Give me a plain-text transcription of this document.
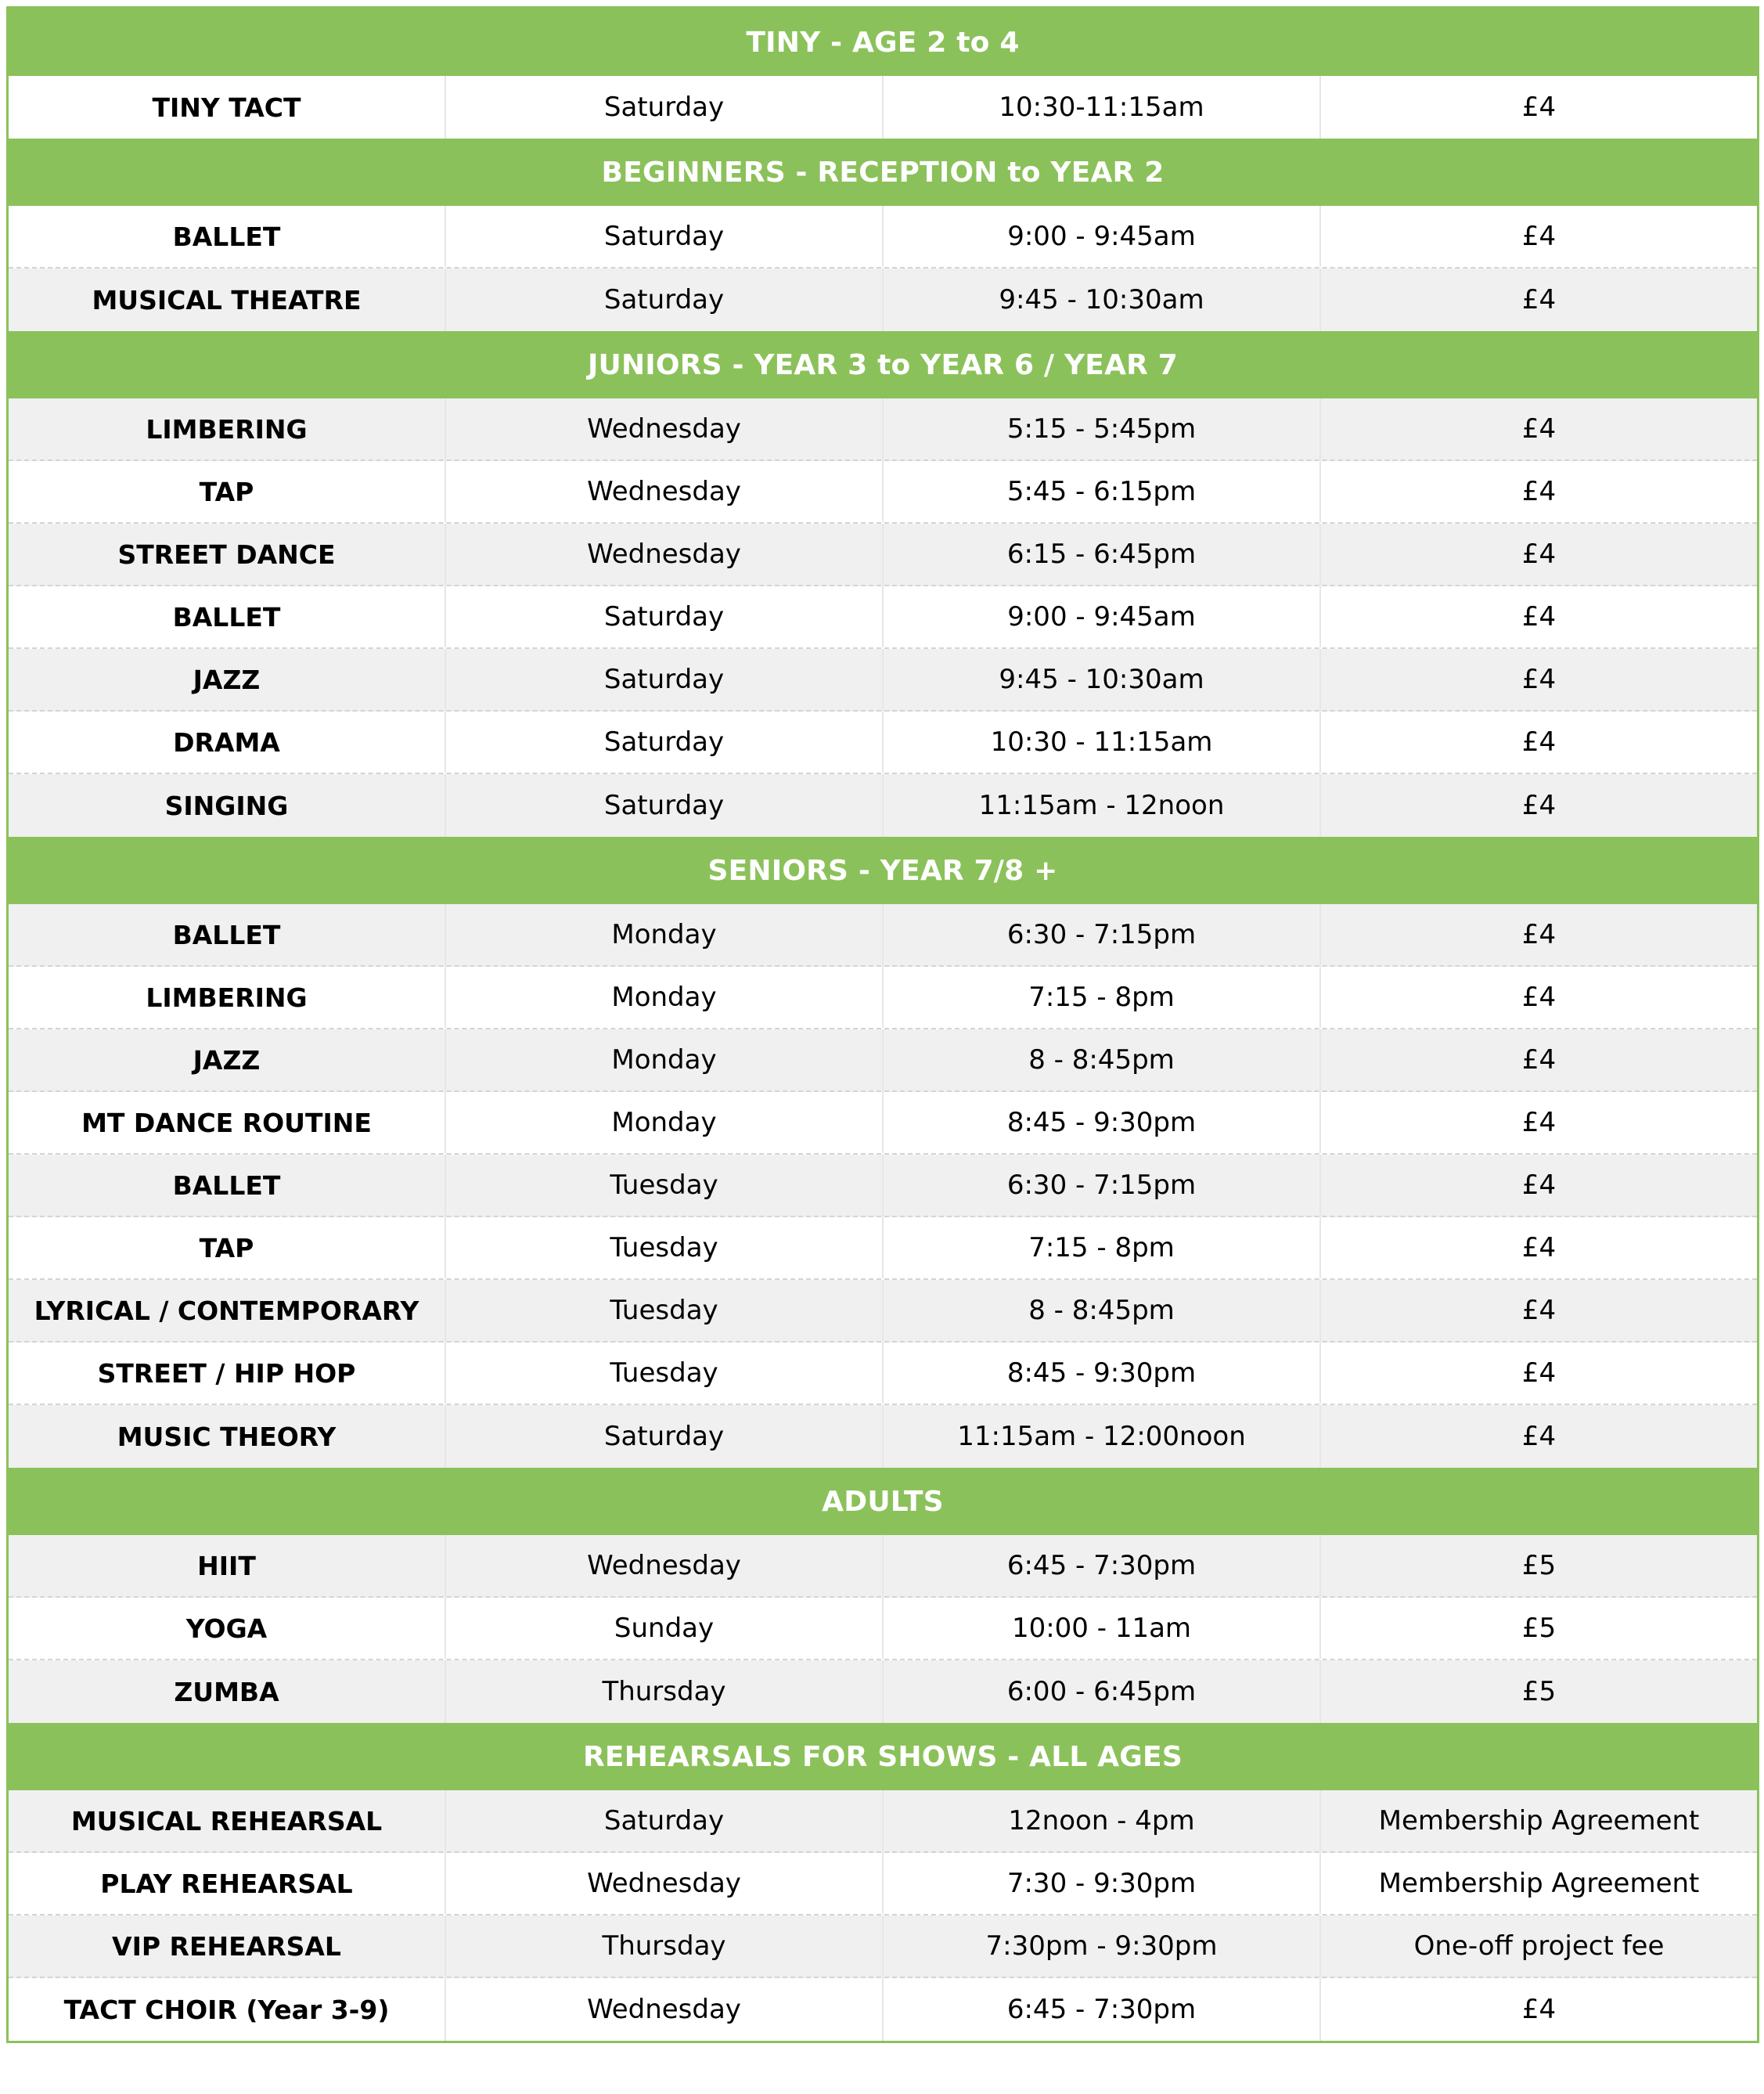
TINY - AGE 2 to 4
TINY TACT	Saturday	10:30-11:15am	£4
BEGINNERS - RECEPTION to YEAR 2
BALLET	Saturday	9:00 - 9:45am	£4
MUSICAL THEATRE	Saturday	9:45 - 10:30am	£4
JUNIORS - YEAR 3 to YEAR 6 / YEAR 7
LIMBERING	Wednesday	5:15 - 5:45pm	£4
TAP	Wednesday	5:45 - 6:15pm	£4
STREET DANCE	Wednesday	6:15 - 6:45pm	£4
BALLET	Saturday	9:00 - 9:45am	£4
JAZZ	Saturday	9:45 - 10:30am	£4
DRAMA	Saturday	10:30 - 11:15am	£4
SINGING	Saturday	11:15am - 12noon	£4
SENIORS - YEAR 7/8 +
BALLET	Monday	6:30 - 7:15pm	£4
LIMBERING	Monday	7:15 - 8pm	£4
JAZZ	Monday	8 - 8:45pm	£4
MT DANCE ROUTINE	Monday	8:45 - 9:30pm	£4
BALLET	Tuesday	6:30 - 7:15pm	£4
TAP	Tuesday	7:15 - 8pm	£4
LYRICAL / CONTEMPORARY	Tuesday	8 - 8:45pm	£4
STREET / HIP HOP	Tuesday	8:45 - 9:30pm	£4
MUSIC THEORY	Saturday	11:15am - 12:00noon	£4
ADULTS
HIIT	Wednesday	6:45 - 7:30pm	£5
YOGA	Sunday	10:00 - 11am	£5
ZUMBA	Thursday	6:00 - 6:45pm	£5
REHEARSALS FOR SHOWS - ALL AGES
MUSICAL REHEARSAL	Saturday	12noon - 4pm	Membership Agreement
PLAY REHEARSAL	Wednesday	7:30 - 9:30pm	Membership Agreement
VIP REHEARSAL	Thursday	7:30pm - 9:30pm	One-off project fee
TACT CHOIR (Year 3-9)	Wednesday	6:45 - 7:30pm	£4
